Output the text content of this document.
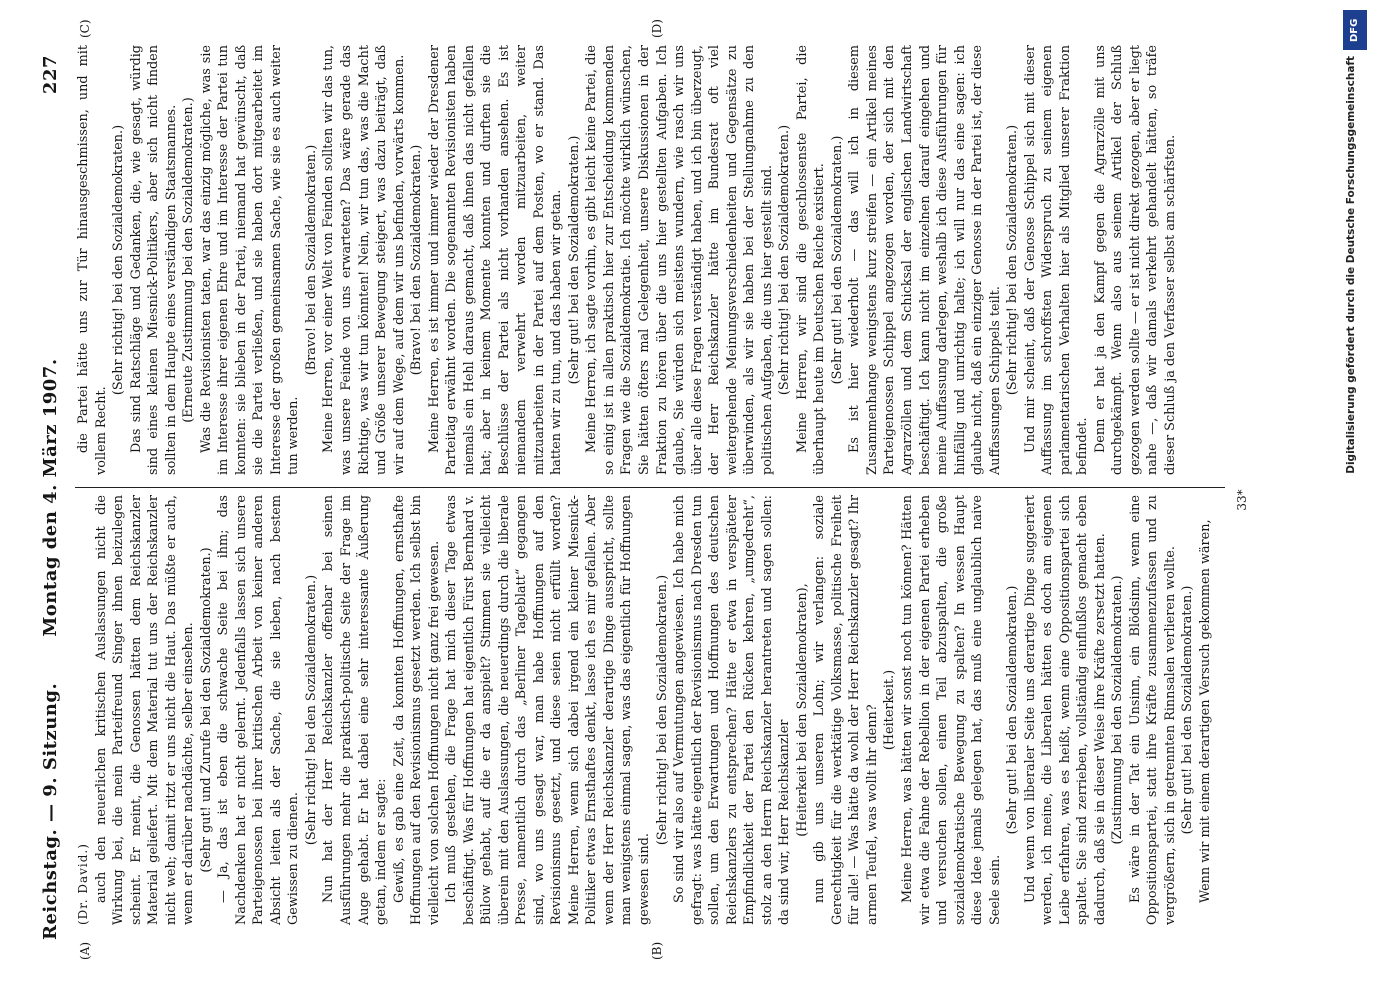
Reichstag. — 9. Sitzung.
Montag den 4. März 1907.
227
(A)	(B)
(C)	(D)

(Dr. David.) auch den neuerlichen kritischen Auslassungen nicht die Wirkung bei, die mein Parteifreund Singer ihnen beizulegen scheint. Er meint, die Genossen hätten dem Reichskanzler Material geliefert. Mit dem Material tut uns der Reichskanzler nicht weh; damit ritzt er uns nicht die Haut. Das müßte er auch, wenn er darüber nachdächte, selber einsehen. (Sehr gut! und Zurufe bei den Sozialdemokraten.) — Ja, das ist eben die schwache Seite bei ihm; das Nachdenken hat er nicht gelernt. Jedenfalls lassen sich unsere Parteigenossen bei ihrer kritischen Arbeit von keiner anderen Absicht leiten als der Sache, die sie lieben, nach bestem Gewissen zu dienen.

(Sehr richtig! bei den Sozialdemokraten.) Nun hat der Herr Reichskanzler offenbar bei seinen Ausführungen mehr die praktisch-politische Seite der Frage im Auge gehabt. Er hat dabei eine sehr interessante Äußerung getan, indem er sagte: Gewiß, es gab eine Zeit, da konnten Hoffnungen, ernsthafte Hoffnungen auf den Revisionismus gesetzt werden. Ich selbst bin vielleicht von solchen Hoffnungen nicht ganz frei gewesen. Ich muß gestehen, die Frage hat mich dieser Tage etwas beschäftigt. Was für Hoffnungen hat eigentlich Fürst Bernhard v. Bülow gehabt, auf die er da anspielt? Stimmen sie vielleicht überein mit den Auslassungen, die neuerdings durch die liberale Presse, namentlich durch das „Berliner Tageblatt“ gegangen sind, wo uns gesagt war, man habe Hoffnungen auf den Revisionismus gesetzt, und diese seien nicht erfüllt worden? Meine Herren, wenn sich dabei irgend ein kleiner Miesnick-Politiker etwas Ernsthaftes denkt, lasse ich es mir gefallen. Aber wenn der Herr Reichskanzler derartige Dinge ausspricht, sollte man wenigstens einmal sagen, was das eigentlich für Hoffnungen gewesen sind.

(Sehr richtig! bei den Sozialdemokraten.) So sind wir also auf Vermutungen angewiesen. Ich habe mich gefragt: was hätte eigentlich der Revisionismus nach Dresden tun sollen, um den Erwartungen und Hoffnungen des deutschen Reichskanzlers zu entsprechen? Hätte er etwa in verspäteter Empfindlichkeit der Partei den Rücken kehren, „umgedreht“, stolz an den Herrn Reichskanzler herantreten und sagen sollen: da sind wir, Herr Reichskanzler (Heiterkeit bei den Sozialdemokraten), nun gib uns unseren Lohn; wir verlangen: soziale Gerechtigkeit für die werktätige Volksmasse, politische Freiheit für alle! — Was hätte da wohl der Herr Reichskanzler gesagt? Ihr armen Teufel, was wollt ihr denn? (Heiterkeit.) Meine Herren, was hätten wir sonst noch tun können? Hätten wir etwa die Fahne der Rebellion in der eigenen Partei erheben und versuchen sollen, einen Teil abzuspalten, die große sozialdemokratische Bewegung zu spalten? In wessen Haupt diese Idee jemals gelegen hat, das muß eine unglaublich naive Seele sein.

(Sehr gut! bei den Sozialdemokraten.) Und wenn von liberaler Seite uns derartige Dinge suggeriert werden, ich meine, die Liberalen hätten es doch am eigenen Leibe erfahren, was es heißt, wenn eine Oppositionspartei sich spaltet. Sie sind zerrieben, vollständig einflußlos gemacht eben dadurch, daß sie in dieser Weise ihre Kräfte zersetzt hatten. (Zustimmung bei den Sozialdemokraten.) Es wäre in der Tat ein Unsinn, ein Blödsinn, wenn eine Oppositionspartei, statt ihre Kräfte zusammenzufassen und zu vergrößern, sich in getrennten Rinnsalen verlieren wollte. (Sehr gut! bei den Sozialdemokraten.) Wenn wir mit einem derartigen Versuch gekommen wären,

die Partei hätte uns zur Tür hinausgeschmissen, und mit vollem Recht.

(Sehr richtig! bei den Sozialdemokraten.) Das sind Ratschläge und Gedanken, die, wie gesagt, würdig sind eines kleinen Miesnick-Politikers, aber sich nicht finden sollten in dem Haupte eines verständigen Staatsmannes. (Erneute Zustimmung bei den Sozialdemokraten.) Was die Revisionisten taten, war das einzig mögliche, was sie im Interesse ihrer eigenen Ehre und im Interesse der Partei tun konnten: sie blieben in der Partei, niemand hat gewünscht, daß sie die Partei verließen, und sie haben dort mitgearbeitet im Interesse der großen gemeinsamen Sache, wie sie es auch weiter tun werden.

(Bravo! bei den Sozialdemokraten.) Meine Herren, vor einer Welt von Feinden sollten wir das tun, was unsere Feinde von uns erwarteten? Das wäre gerade das Richtige, was wir tun könnten! Nein, wir tun das, was die Macht und Größe unserer Bewegung steigert, was dazu beiträgt, daß wir auf dem Wege, auf dem wir uns befinden, vorwärts kommen. (Bravo! bei den Sozialdemokraten.) Meine Herren, es ist immer und immer wieder der Dresdener Parteitag erwähnt worden. Die sogenannten Revisionisten haben niemals ein Hehl daraus gemacht, daß ihnen das nicht gefallen hat; aber in keinem Momente konnten und durften sie die Beschlüsse der Partei als nicht vorhanden ansehen. Es ist niemandem verwehrt worden mitzuarbeiten, weiter mitzuarbeiten in der Partei auf dem Posten, wo er stand. Das hatten wir zu tun, und das haben wir getan. (Sehr gut! bei den Sozialdemokraten.) Meine Herren, ich sagte vorhin, es gibt leicht keine Partei, die so einig ist in allen praktisch hier zur Entscheidung kommenden Fragen wie die Sozialdemokratie. Ich möchte wirklich wünschen, Sie hätten öfters mal Gelegenheit, unsere Diskussionen in der Fraktion zu hören über die uns hier gestellten Aufgaben. Ich glaube, Sie würden sich meistens wundern, wie rasch wir uns über alle diese Fragen verständigt haben, und ich bin überzeugt, der Herr Reichskanzler hätte im Bundesrat oft viel weitergehende Meinungsverschiedenheiten und Gegensätze zu überwinden, als wir sie haben bei der Stellungnahme zu den politischen Aufgaben, die uns hier gestellt sind. (Sehr richtig! bei den Sozialdemokraten.) Meine Herren, wir sind die geschlossenste Partei, die überhaupt heute im Deutschen Reiche existiert. (Sehr gut! bei den Sozialdemokraten.) Es ist hier wiederholt — das will ich in diesem Zusammenhange wenigstens kurz streifen — ein Artikel meines Parteigenossen Schippel angezogen worden, der sich mit den Agrarzöllen und dem Schicksal der englischen Landwirtschaft beschäftigt. Ich kann nicht im einzelnen darauf eingehen und meine Auffassung darlegen, weshalb ich diese Ausführungen für hinfällig und unrichtig halte; ich will nur das eine sagen: ich glaube nicht, daß ein einziger Genosse in der Partei ist, der diese Auffassungen Schippels teilt. (Sehr richtig! bei den Sozialdemokraten.) Und mir scheint, daß der Genosse Schippel sich mit dieser Auffassung im schroffsten Widerspruch zu seinem eigenen parlamentarischen Verhalten hier als Mitglied unserer Fraktion befindet. Denn er hat ja den Kampf gegen die Agrarzölle mit uns durchgekämpft. Wenn also aus seinem Artikel der Schluß gezogen werden sollte — er ist nicht direkt gezogen, aber er liegt nahe —, daß wir damals verkehrt gehandelt hätten, so träfe dieser Schluß ja den Verfasser selbst am schärfsten.

33*
DFG
Digitalisierung gefördert durch die Deutsche Forschungsgemeinschaft
